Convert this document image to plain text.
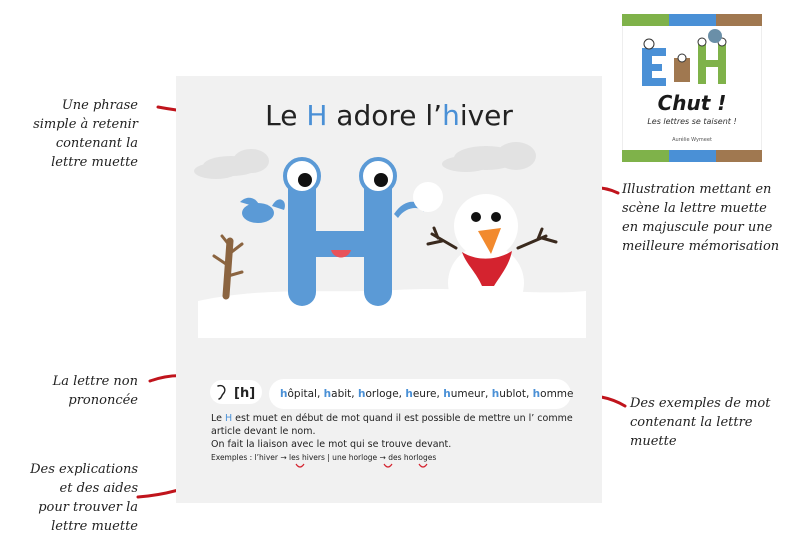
Une phrase
simple à retenir
contenant la
lettre muette
Illustration mettant en
scène la lettre muette
en majuscule pour une
meilleure mémorisation
La lettre non
prononcée	Des exemples de mot
contenant la lettre
muette
Des explications
et des aides
pour trouver la
lettre muette
Le H adore l’hiver
[h]	hôpital, habit, horloge, heure, humeur, hublot, homme
Le H est muet en début de mot quand il est possible de mettre un l’ comme article devant le nom.
On fait la liaison avec le mot qui se trouve devant.
Exemples : l’hiver → les hivers | une horloge → des horloges
Chut !
Les lettres se taisent !
Aurélie Wymeet
